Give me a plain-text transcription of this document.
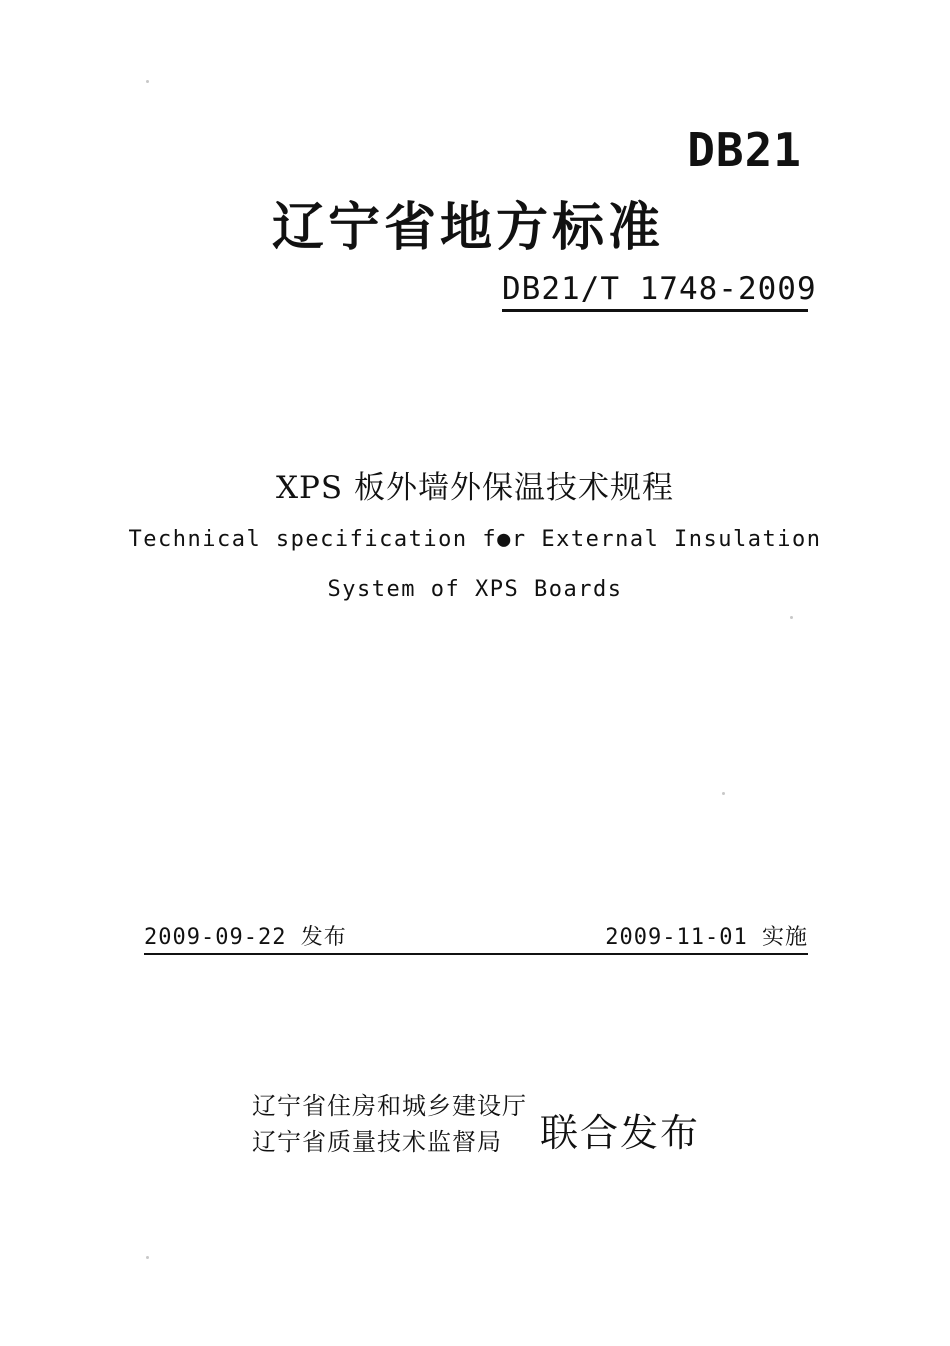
DB21
辽宁省地方标准
DB21/T 1748-2009
XPS 板外墙外保温技术规程
Technical specification f●r External Insulation
System of XPS Boards
2009-09-22 发布	2009-11-01 实施
辽宁省住房和城乡建设厅
辽宁省质量技术监督局 联合发布
